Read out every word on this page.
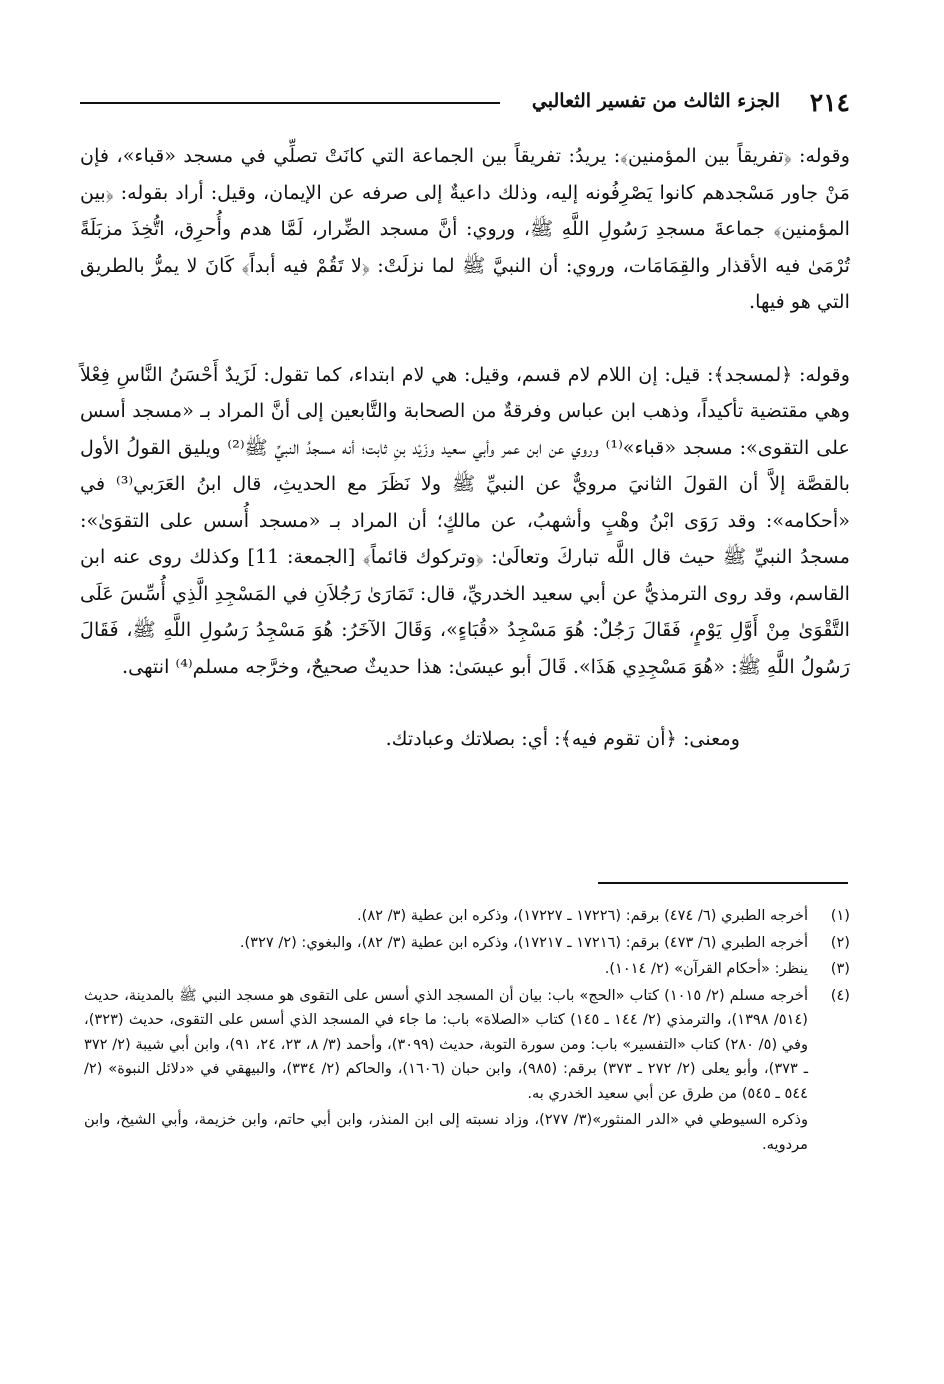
٢١٤
الجزء الثالث من تفسير الثعالبي

وقوله: ﴿تفريقاً بين المؤمنين﴾: يريدُ: تفريقاً بين الجماعة التي كانَتْ تصلِّي في مسجد «قباء»، فإن مَنْ جاور مَسْجدهم كانوا يَصْرِفُونه إليه، وذلك داعيةٌ إلى صرفه عن الإيمان، وقيل: أراد بقوله: ﴿بين المؤمنين﴾ جماعةَ مسجدِ رَسُولِ اللَّهِ ﷺ، وروي: أنَّ مسجد الضِّرار، لَمَّا هدم وأُحرِق، اتُّخِذَ مزبَلَةً تُرْمَىٰ فيه الأقذار والقِمَامَات، وروي: أن النبيَّ ﷺ لما نزلَتْ: ﴿لا تَقُمْ فيه أبداً﴾ كَانَ لا يمرُّ بالطريق التي هو فيها.

وقوله: ﴿لمسجد﴾: قيل: إن اللام لام قسم، وقيل: هي لام ابتداء، كما تقول: لَزَيدٌ أَحْسَنُ النَّاسِ فِعْلاً وهي مقتضية تأكيداً، وذهب ابن عباس وفرقةٌ من الصحابة والتَّابعين إلى أنَّ المراد بـ «مسجد أسس على التقوى»: مسجد «قباء»⁽¹⁾ وروي عن ابن عمر وأبي سعيد وزَيْد بنِ ثابت؛ أنه مسجدُ النبيِّ ﷺ⁽²⁾ ويليق القولُ الأول بالقصَّة إلاَّ أن القولَ الثانيَ مرويٌّ عن النبيِّ ﷺ ولا نَظَرَ مع الحديثِ، قال ابنُ العَرَبي⁽³⁾ في «أحكامه»: وقد رَوَى ابْنُ وهْبٍ وأشهبُ، عن مالكٍ؛ أن المراد بـ «مسجد أُسس على التقوَىٰ»: مسجدُ النبيِّ ﷺ حيث قال اللَّه تباركَ وتعالَىٰ: ﴿وتركوك قائماً﴾ [الجمعة: 11] وكذلك روى عنه ابن القاسم، وقد روى الترمذيُّ عن أبي سعيد الخدريِّ، قال: تَمَارَىٰ رَجُلاَنِ في المَسْجِدِ الَّذِي أُسِّسَ عَلَى التَّقْوَىٰ مِنْ أَوَّلِ يَوْمٍ، فَقَالَ رَجُلٌ: هُوَ مَسْجِدُ «قُبَاءٍ»، وَقَالَ الآخَرُ: هُوَ مَسْجِدُ رَسُولِ اللَّهِ ﷺ، فَقَالَ رَسُولُ اللَّهِ ﷺ: «هُوَ مَسْجِدِي هَذَا». قَالَ أبو عيسَىٰ: هذا حديثٌ صحيحٌ، وخرَّجه مسلم⁽⁴⁾ انتهى.

ومعنى: ﴿أن تقوم فيه﴾: أي: بصلاتك وعبادتك.

(١)
أخرجه الطبري (٦/ ٤٧٤) برقم: (١٧٢٢٦ ـ ١٧٢٢٧)، وذكره ابن عطية (٣/ ٨٢).
(٢)
أخرجه الطبري (٦/ ٤٧٣) برقم: (١٧٢١٦ ـ ١٧٢١٧)، وذكره ابن عطية (٣/ ٨٢)، والبغوي: (٢/ ٣٢٧).
(٣)
ينظر: «أحكام القرآن» (٢/ ١٠١٤).
(٤)
أخرجه مسلم (٢/ ١٠١٥) كتاب «الحج» باب: بيان أن المسجد الذي أسس على التقوى هو مسجد النبي ﷺ بالمدينة، حديث (٥١٤/ ١٣٩٨)، والترمذي (٢/ ١٤٤ ـ ١٤٥) كتاب «الصلاة» باب: ما جاء في المسجد الذي أسس على التقوى، حديث (٣٢٣)، وفي (٥/ ٢٨٠) كتاب «التفسير» باب: ومن سورة التوبة، حديث (٣٠٩٩)، وأحمد (٣/ ٨، ٢٣، ٢٤، ٩١)، وابن أبي شيبة (٢/ ٣٧٢ ـ ٣٧٣)، وأبو يعلى (٢/ ٢٧٢ ـ ٣٧٣) برقم: (٩٨٥)، وابن حبان (١٦٠٦)، والحاكم (٢/ ٣٣٤)، والبيهقي في «دلائل النبوة» (٢/ ٥٤٤ ـ ٥٤٥) من طرق عن أبي سعيد الخدري به.
وذكره السيوطي في «الدر المنثور»(٣/ ٢٧٧)، وزاد نسبته إلى ابن المنذر، وابن أبي حاتم، وابن خزيمة، وأبي الشيخ، وابن مردويه.
